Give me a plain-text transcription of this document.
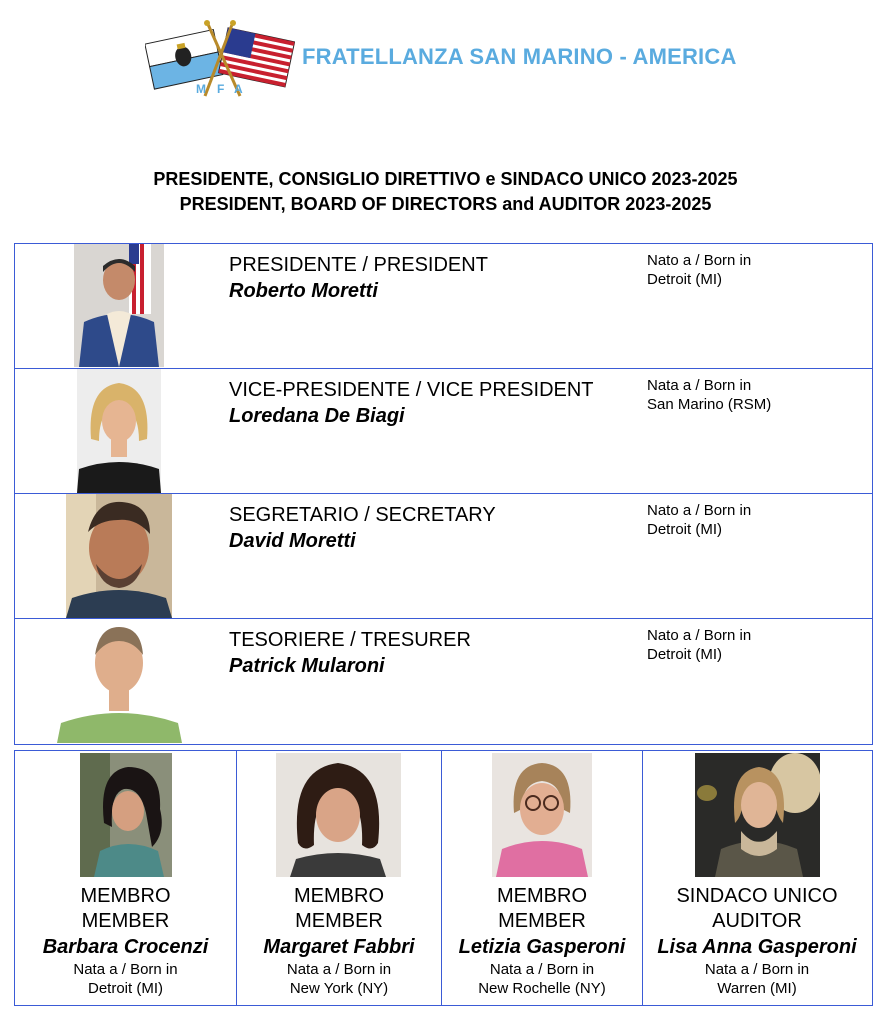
M F A
FRATELLANZA SAN MARINO - AMERICA
PRESIDENTE, CONSIGLIO DIRETTIVO e SINDACO UNICO 2023-2025
PRESIDENT, BOARD OF DIRECTORS and AUDITOR 2023-2025
PRESIDENTE / PRESIDENT
Roberto Moretti
Nato a / Born in
Detroit (MI)
VICE-PRESIDENTE / VICE PRESIDENT
Loredana De Biagi
Nata a / Born in
San Marino (RSM)
SEGRETARIO / SECRETARY
David Moretti
Nato a / Born in
Detroit (MI)
TESORIERE / TRESURER
Patrick Mularoni
Nato a / Born in
Detroit (MI)
MEMBRO
MEMBER
Barbara Crocenzi
Nata a / Born in
Detroit (MI)
MEMBRO
MEMBER
Margaret Fabbri
Nata a / Born in
New York (NY)
MEMBRO
MEMBER
Letizia Gasperoni
Nata a / Born in
New Rochelle (NY)
SINDACO UNICO
AUDITOR
Lisa Anna Gasperoni
Nata a / Born in
Warren (MI)
